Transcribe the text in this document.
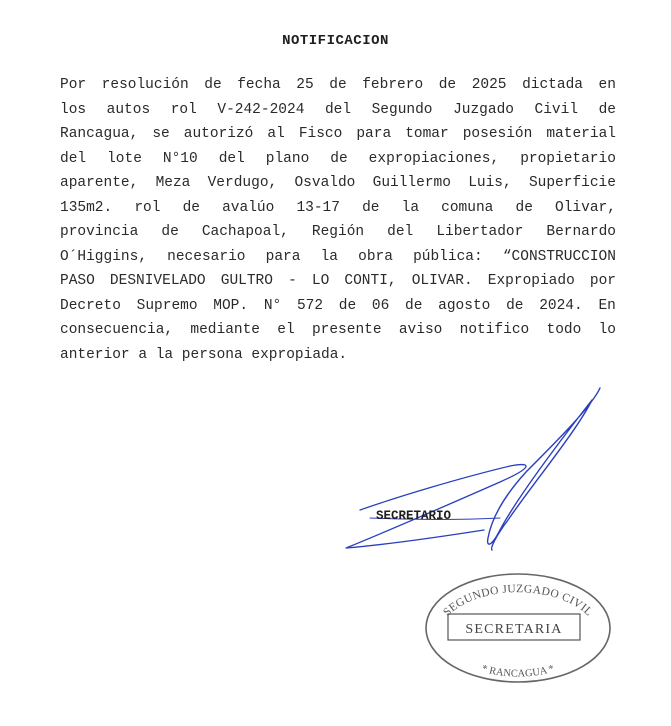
NOTIFICACION
Por resolución de fecha 25 de febrero de 2025 dictada en
los autos rol V-242-2024 del Segundo Juzgado Civil de
Rancagua, se autorizó al Fisco para tomar posesión material
del lote N°10 del plano de expropiaciones, propietario
aparente, Meza Verdugo, Osvaldo Guillermo Luis, Superficie
135m2. rol de avalúo 13-17 de la comuna de Olivar,
provincia de Cachapoal, Región del Libertador Bernardo
O´Higgins, necesario para la obra pública: “CONSTRUCCION
PASO DESNIVELADO GULTRO - LO CONTI, OLIVAR. Expropiado por
Decreto Supremo MOP. N° 572 de 06 de agosto de 2024. En
consecuencia, mediante el presente aviso notifico todo lo
anterior a la persona expropiada.
SECRETARIO
SEGUNDO JUZGADO CIVIL
SECRETARIA
* RANCAGUA *
